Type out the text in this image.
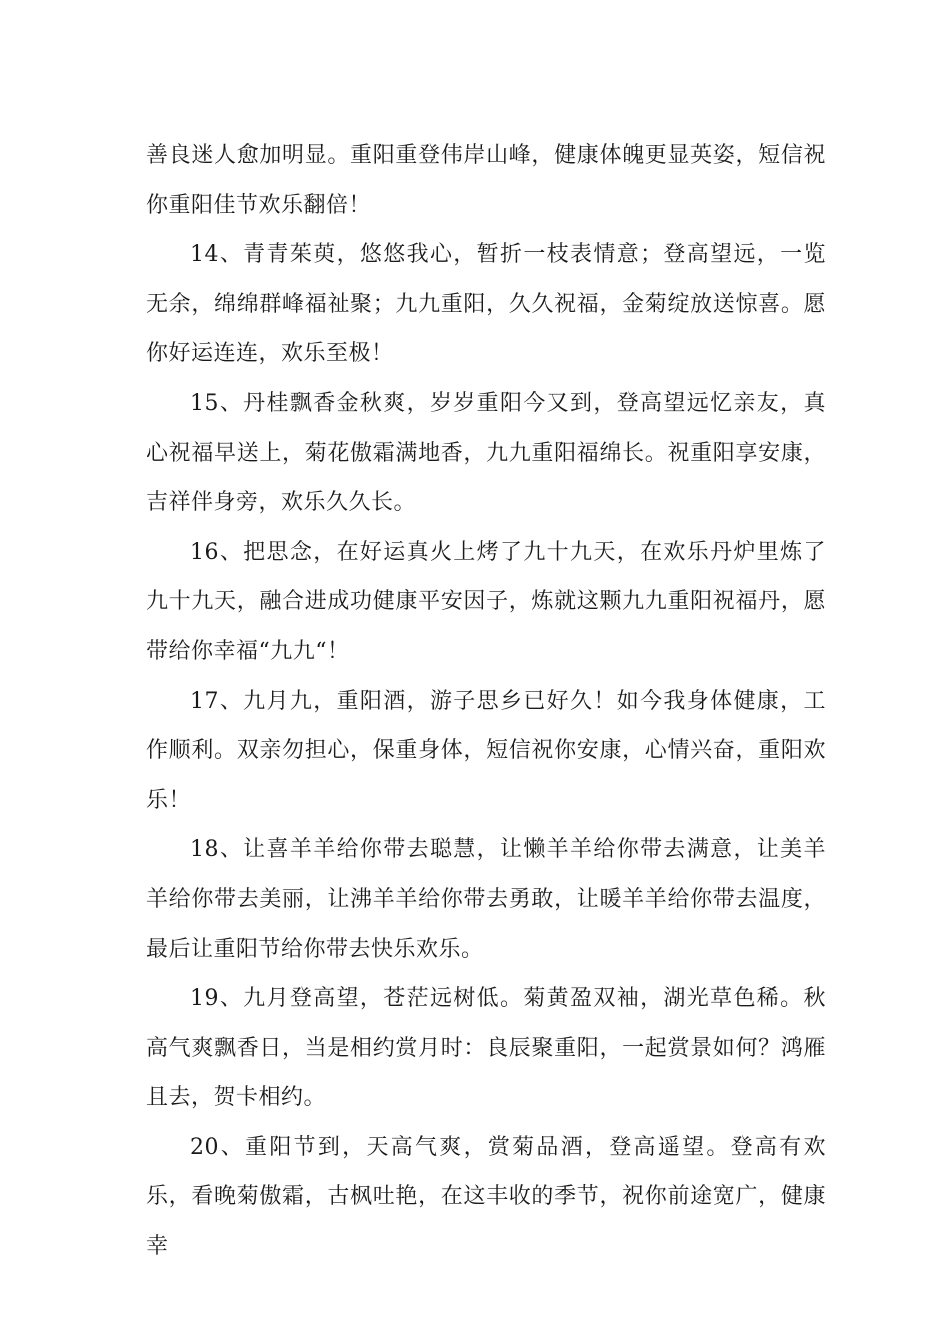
善良迷人愈加明显。重阳重登伟岸山峰，健康体魄更显英姿，短信祝你重阳佳节欢乐翻倍！

14、青青茱萸，悠悠我心，暂折一枝表情意；登高望远，一览无余，绵绵群峰福祉聚；九九重阳，久久祝福，金菊绽放送惊喜。愿你好运连连，欢乐至极！

15、丹桂飘香金秋爽，岁岁重阳今又到，登高望远忆亲友，真心祝福早送上，菊花傲霜满地香，九九重阳福绵长。祝重阳享安康，吉祥伴身旁，欢乐久久长。

16、把思念，在好运真火上烤了九十九天，在欢乐丹炉里炼了九十九天，融合进成功健康平安因子，炼就这颗九九重阳祝福丹，愿带给你幸福“九九“！

17、九月九，重阳酒，游子思乡已好久！如今我身体健康，工作顺利。双亲勿担心，保重身体，短信祝你安康，心情兴奋，重阳欢乐！

18、让喜羊羊给你带去聪慧，让懒羊羊给你带去满意，让美羊羊给你带去美丽，让沸羊羊给你带去勇敢，让暖羊羊给你带去温度，最后让重阳节给你带去快乐欢乐。

19、九月登高望，苍茫远树低。菊黄盈双袖，湖光草色稀。秋高气爽飘香日，当是相约赏月时：良辰聚重阳，一起赏景如何？鸿雁且去，贺卡相约。

20、重阳节到，天高气爽，赏菊品酒，登高遥望。登高有欢乐，看晚菊傲霜，古枫吐艳，在这丰收的季节，祝你前途宽广，健康幸
